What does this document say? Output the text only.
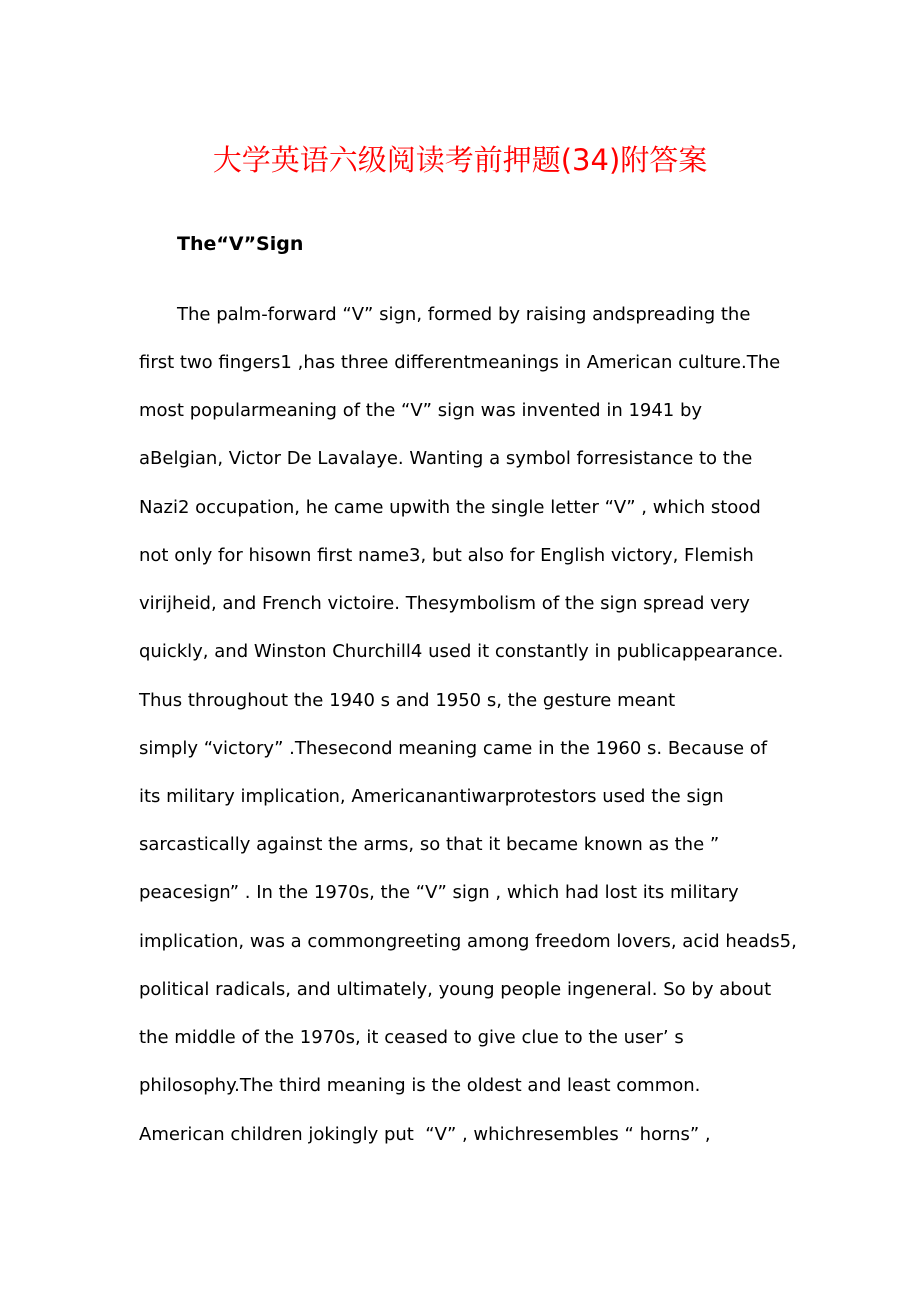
大学英语六级阅读考前押题(34)附答案
The“V”Sign
The palm-forward “V” sign, formed by raising andspreading the
first two fingers1 ,has three differentmeanings in American culture.The
most popularmeaning of the “V” sign was invented in 1941 by
aBelgian, Victor De Lavalaye. Wanting a symbol forresistance to the
Nazi2 occupation, he came upwith the single letter “V” , which stood
not only for hisown first name3, but also for English victory, Flemish
virijheid, and French victoire. Thesymbolism of the sign spread very
quickly, and Winston Churchill4 used it constantly in publicappearance.
Thus throughout the 1940 s and 1950 s, the gesture meant
simply “victory” .Thesecond meaning came in the 1960 s. Because of
its military implication, Americanantiwarprotestors used the sign
sarcastically against the arms, so that it became known as the ”
peacesign” . In the 1970s, the “V” sign , which had lost its military
implication, was a commongreeting among freedom lovers, acid heads5,
political radicals, and ultimately, young people ingeneral. So by about
the middle of the 1970s, it ceased to give clue to the user’ s
philosophy.The third meaning is the oldest and least common.
American children jokingly put  “V” , whichresembles “ horns” ,
